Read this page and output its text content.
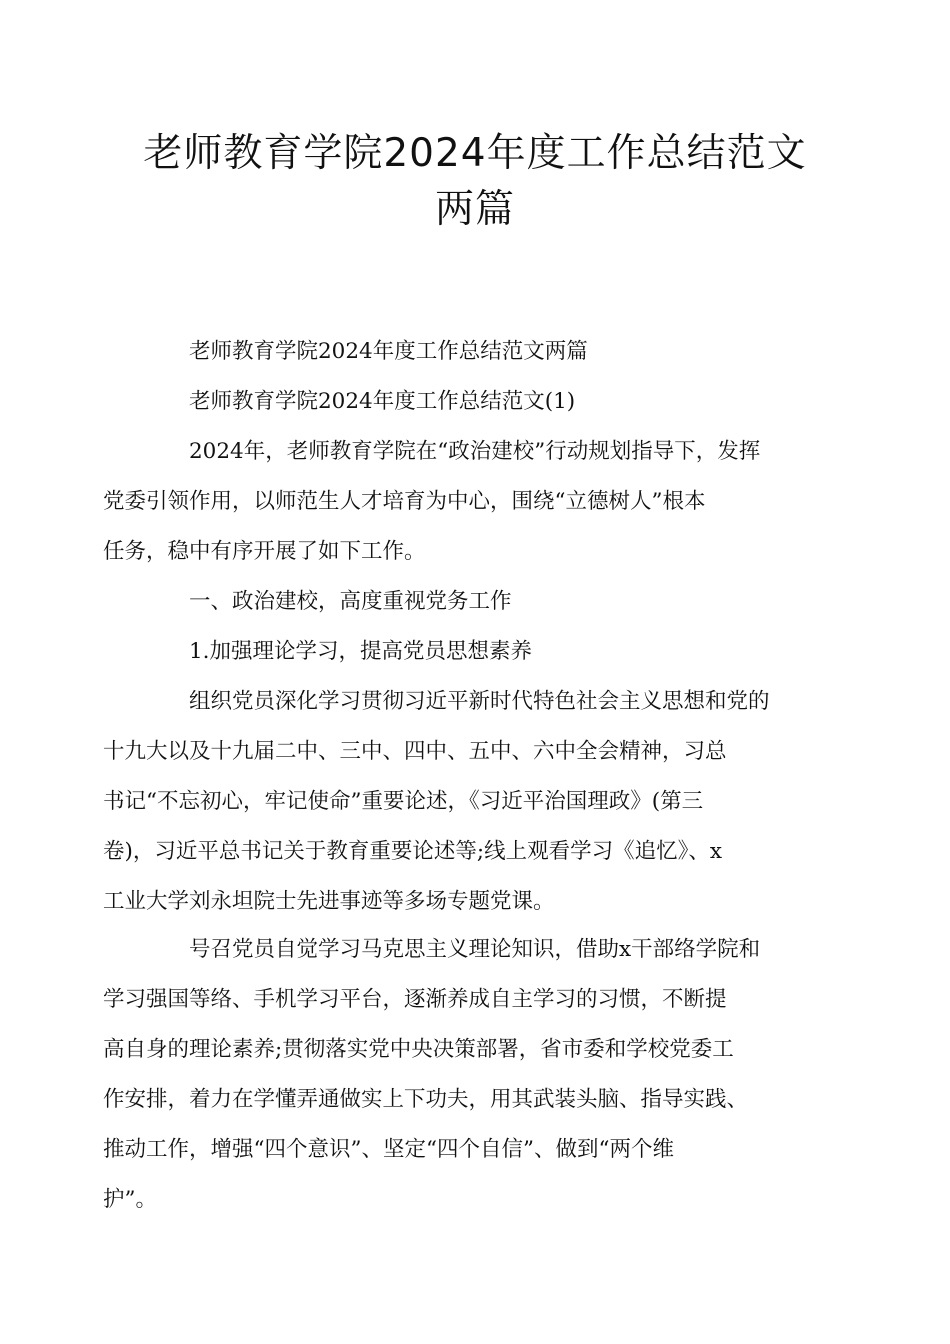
老师教育学院2024年度工作总结范文
两篇

老师教育学院2024年度工作总结范文两篇

老师教育学院2024年度工作总结范文(1)

2024年，老师教育学院在“政治建校”行动规划指导下，发挥
党委引领作用，以师范生人才培育为中心，围绕“立德树人”根本
任务，稳中有序开展了如下工作。

一、政治建校，高度重视党务工作

1.加强理论学习，提高党员思想素养

组织党员深化学习贯彻习近平新时代特色社会主义思想和党的
十九大以及十九届二中、三中、四中、五中、六中全会精神，习总
书记“不忘初心，牢记使命”重要论述，《习近平治国理政》(第三
卷)，习近平总书记关于教育重要论述等;线上观看学习《追忆》、x
工业大学刘永坦院士先进事迹等多场专题党课。

号召党员自觉学习马克思主义理论知识，借助x干部络学院和
学习强国等络、手机学习平台，逐渐养成自主学习的习惯，不断提
高自身的理论素养;贯彻落实党中央决策部署，省市委和学校党委工
作安排，着力在学懂弄通做实上下功夫，用其武装头脑、指导实践、
推动工作，增强“四个意识”、坚定“四个自信”、做到“两个维
护”。
